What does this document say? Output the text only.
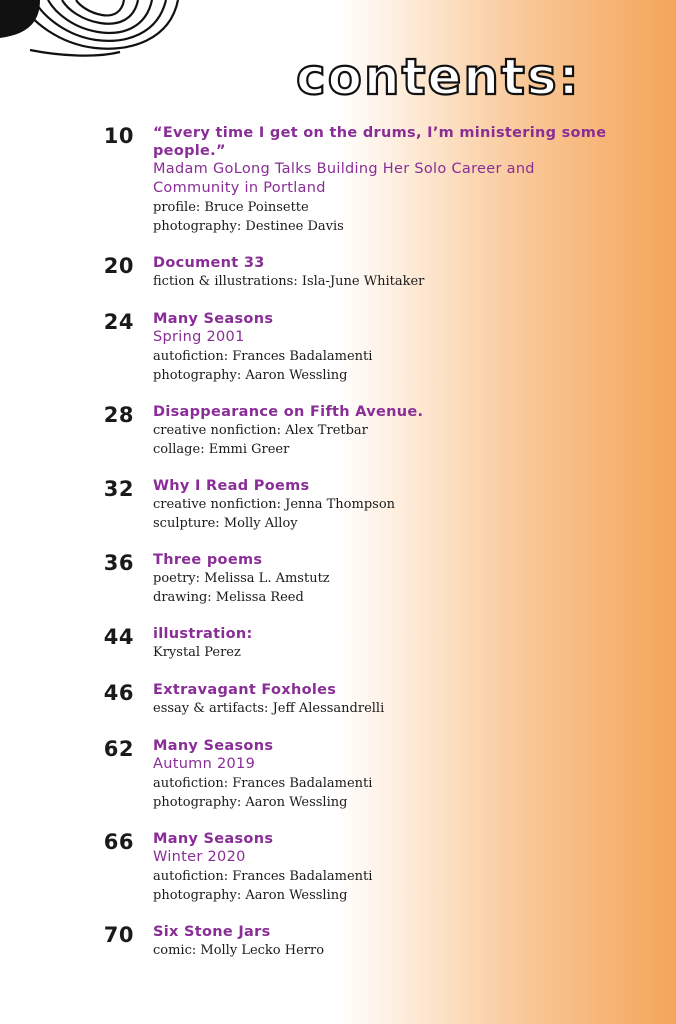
contents:
10 “Every time I get on the drums, I’m ministering some people.”
Madam GoLong Talks Building Her Solo Career and Community in Portland
profile: Bruce Poinsette
photography: Destinee Davis
20 Document 33
fiction & illustrations: Isla-June Whitaker
24 Many Seasons
Spring 2001
autofiction: Frances Badalamenti
photography: Aaron Wessling
28 Disappearance on Fifth Avenue.
creative nonfiction: Alex Tretbar
collage: Emmi Greer
32 Why I Read Poems
creative nonfiction: Jenna Thompson
sculpture: Molly Alloy
36 Three poems
poetry: Melissa L. Amstutz
drawing: Melissa Reed
44 illustration:
Krystal Perez
46 Extravagant Foxholes
essay & artifacts: Jeff Alessandrelli
62 Many Seasons
Autumn 2019
autofiction: Frances Badalamenti
photography: Aaron Wessling
66 Many Seasons
Winter 2020
autofiction: Frances Badalamenti
photography: Aaron Wessling
70 Six Stone Jars
comic: Molly Lecko Herro
